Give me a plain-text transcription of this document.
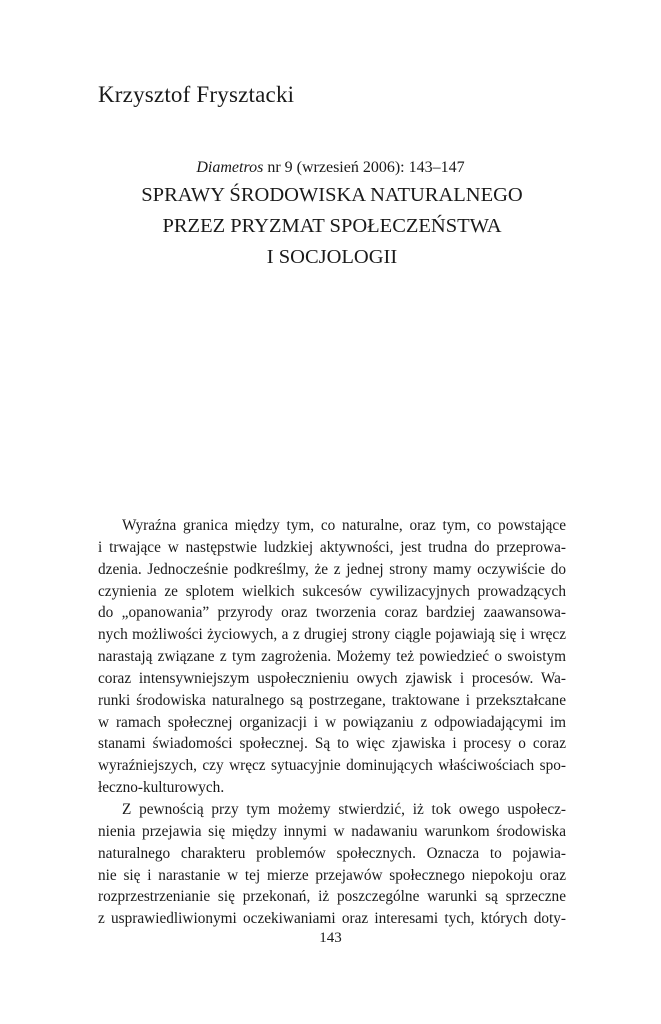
Krzysztof Frysztacki
Diametros nr 9 (wrzesień 2006): 143–147
SPRAWY ŚRODOWISKA NATURALNEGO
PRZEZ PRYZMAT SPOŁECZEŃSTWA
I SOCJOLOGII
Wyraźna granica między tym, co naturalne, oraz tym, co powstające
i trwające w następstwie ludzkiej aktywności, jest trudna do przeprowa-
dzenia. Jednocześnie podkreślmy, że z jednej strony mamy oczywiście do
czynienia ze splotem wielkich sukcesów cywilizacyjnych prowadzących
do „opanowania” przyrody oraz tworzenia coraz bardziej zaawansowa-
nych możliwości życiowych, a z drugiej strony ciągle pojawiają się i wręcz
narastają związane z tym zagrożenia. Możemy też powiedzieć o swoistym
coraz intensywniejszym uspołecznieniu owych zjawisk i procesów. Wa-
runki środowiska naturalnego są postrzegane, traktowane i przekształcane
w ramach społecznej organizacji i w powiązaniu z odpowiadającymi im
stanami świadomości społecznej. Są to więc zjawiska i procesy o coraz
wyraźniejszych, czy wręcz sytuacyjnie dominujących właściwościach spo-
łeczno-kulturowych.
Z pewnością przy tym możemy stwierdzić, iż tok owego uspołecz-
nienia przejawia się między innymi w nadawaniu warunkom środowiska
naturalnego charakteru problemów społecznych. Oznacza to pojawia-
nie się i narastanie w tej mierze przejawów społecznego niepokoju oraz
rozprzestrzenianie się przekonań, iż poszczególne warunki są sprzeczne
z usprawiedliwionymi oczekiwaniami oraz interesami tych, których doty-
143
